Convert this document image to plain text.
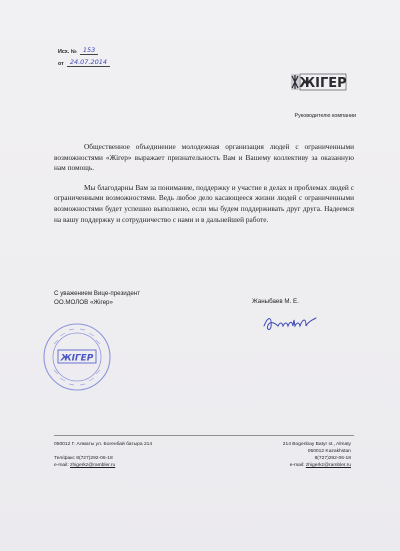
Исх. № 153
от 24.07.2014
ЖIГЕР
Руководителю компании

Общественное объединение молодежная организация людей с ограниченными возможностями «Жiгер» выражает признательность Вам и Вашему коллективу за оказанную нам помощь.

Мы благодарны Вам за понимание, поддержку и участие в делах и проблемах людей с ограниченными возможностями. Ведь любое дело касающееся жизни людей с ограниченными возможностями будет успешно выполнено, если мы будем поддерживать друг друга. Надеемся на вашу поддержку и сотрудничество с нами и в дальнейшей работе.

С уважением Вице-президент
ОО.МОЛОВ «Жiгер»	Жаныбаев М. Е.
ЖIГЕР
050012 Г. Алматы ул. Богенбай батыра 214
Тел/факс 8(727)292-06-18
e-mail: zhigerkz@rambler.ru
214 Bogenbay Batyr st., Almaty
050012 Kazakhstan
8(727)292-06-18
e-mail: zhigerkz@rambler.ru
